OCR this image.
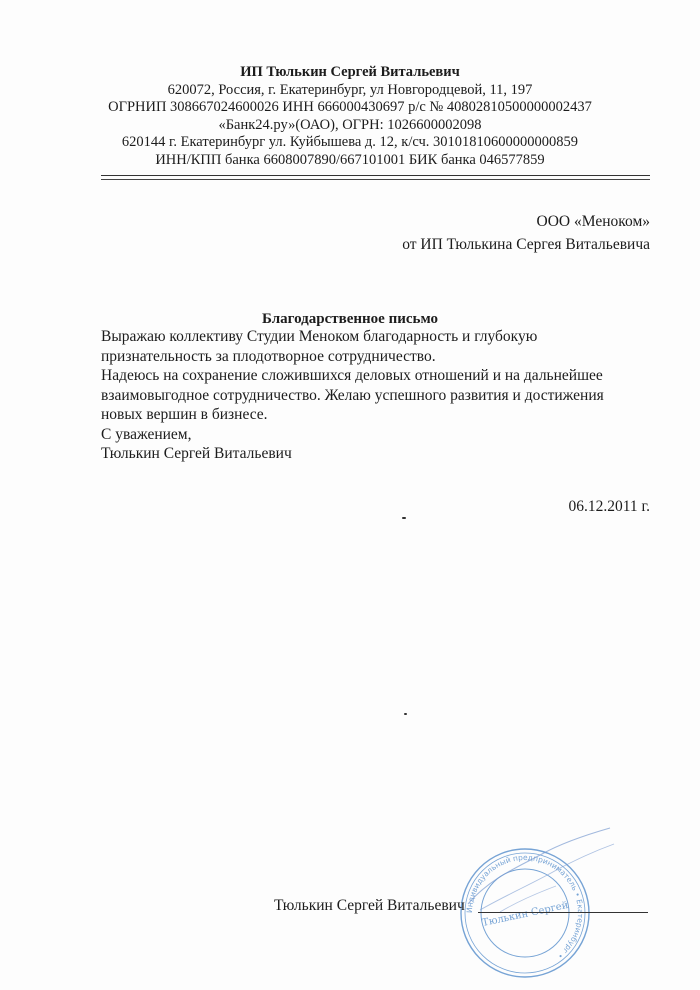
ИП Тюлькин Сергей Витальевич
620072, Россия, г. Екатеринбург, ул Новгородцевой, 11, 197
ОГРНИП 308667024600026 ИНН 666000430697 р/с № 40802810500000002437
«Банк24.ру»(ОАО), ОГРН: 1026600002098
620144 г. Екатеринбург ул. Куйбышева д. 12, к/сч. 30101810600000000859
ИНН/КПП банка 6608007890/667101001 БИК банка 046577859
ООО «Меноком»
от ИП Тюлькина Сергея Витальевича
Благодарственное письмо
Выражаю коллективу Студии Меноком благодарность и глубокую
признательность за плодотворное сотрудничество.
Надеюсь на сохранение сложившихся деловых отношений и на дальнейшее
взаимовыгодное сотрудничество. Желаю успешного развития и достижения
новых вершин в бизнесе.
С уважением,
Тюлькин Сергей Витальевич
06.12.2011 г.
Индивидуальный предприниматель • Екатеринбург •
Тюлькин Сергей
Тюлькин Сергей Витальевич
